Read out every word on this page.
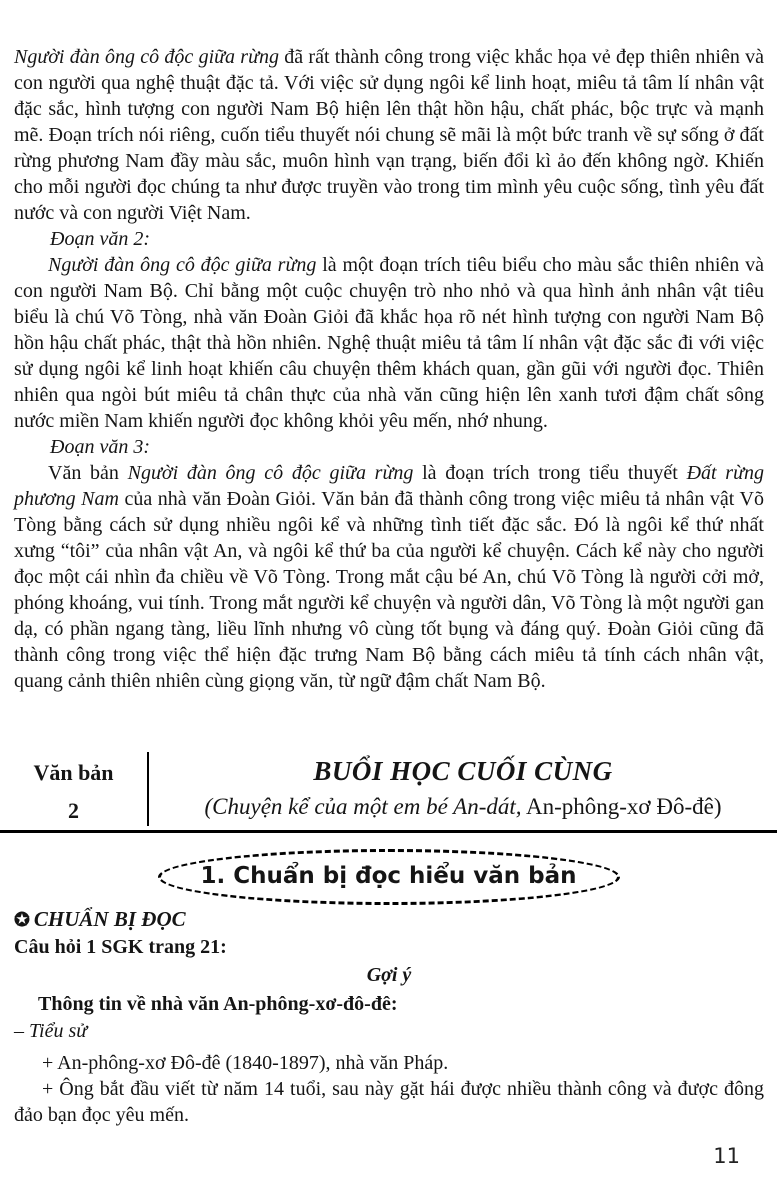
Người đàn ông cô độc giữa rừng đã rất thành công trong việc khắc họa vẻ đẹp thiên nhiên và con người qua nghệ thuật đặc tả. Với việc sử dụng ngôi kể linh hoạt, miêu tả tâm lí nhân vật đặc sắc, hình tượng con người Nam Bộ hiện lên thật hồn hậu, chất phác, bộc trực và mạnh mẽ. Đoạn trích nói riêng, cuốn tiểu thuyết nói chung sẽ mãi là một bức tranh về sự sống ở đất rừng phương Nam đầy màu sắc, muôn hình vạn trạng, biến đổi kì ảo đến không ngờ. Khiến cho mỗi người đọc chúng ta như được truyền vào trong tim mình yêu cuộc sống, tình yêu đất nước và con người Việt Nam.
Đoạn văn 2:
Người đàn ông cô độc giữa rừng là một đoạn trích tiêu biểu cho màu sắc thiên nhiên và con người Nam Bộ. Chỉ bằng một cuộc chuyện trò nho nhỏ và qua hình ảnh nhân vật tiêu biểu là chú Võ Tòng, nhà văn Đoàn Giỏi đã khắc họa rõ nét hình tượng con người Nam Bộ hồn hậu chất phác, thật thà hồn nhiên. Nghệ thuật miêu tả tâm lí nhân vật đặc sắc đi với việc sử dụng ngôi kể linh hoạt khiến câu chuyện thêm khách quan, gần gũi với người đọc. Thiên nhiên qua ngòi bút miêu tả chân thực của nhà văn cũng hiện lên xanh tươi đậm chất sông nước miền Nam khiến người đọc không khỏi yêu mến, nhớ nhung.
Đoạn văn 3:
Văn bản Người đàn ông cô độc giữa rừng là đoạn trích trong tiểu thuyết Đất rừng phương Nam của nhà văn Đoàn Giỏi. Văn bản đã thành công trong việc miêu tả nhân vật Võ Tòng bằng cách sử dụng nhiều ngôi kể và những tình tiết đặc sắc. Đó là ngôi kể thứ nhất xưng “tôi” của nhân vật An, và ngôi kể thứ ba của người kể chuyện. Cách kể này cho người đọc một cái nhìn đa chiều về Võ Tòng. Trong mắt cậu bé An, chú Võ Tòng là người cởi mở, phóng khoáng, vui tính. Trong mắt người kể chuyện và người dân, Võ Tòng là một người gan dạ, có phần ngang tàng, liều lĩnh nhưng vô cùng tốt bụng và đáng quý. Đoàn Giỏi cũng đã thành công trong việc thể hiện đặc trưng Nam Bộ bằng cách miêu tả tính cách nhân vật, quang cảnh thiên nhiên cùng giọng văn, từ ngữ đậm chất Nam Bộ.
Văn bản
2
BUỔI HỌC CUỐI CÙNG
(Chuyện kể của một em bé An-dát, An-phông-xơ Đô-đê)
1. Chuẩn bị đọc hiểu văn bản
✪ CHUẨN BỊ ĐỌC
Câu hỏi 1 SGK trang 21:
Gợi ý
Thông tin về nhà văn An-phông-xơ-đô-đê:
– Tiểu sử
+ An-phông-xơ Đô-đê (1840-1897), nhà văn Pháp.
+ Ông bắt đầu viết từ năm 14 tuổi, sau này gặt hái được nhiều thành công và được đông đảo bạn đọc yêu mến.
11
